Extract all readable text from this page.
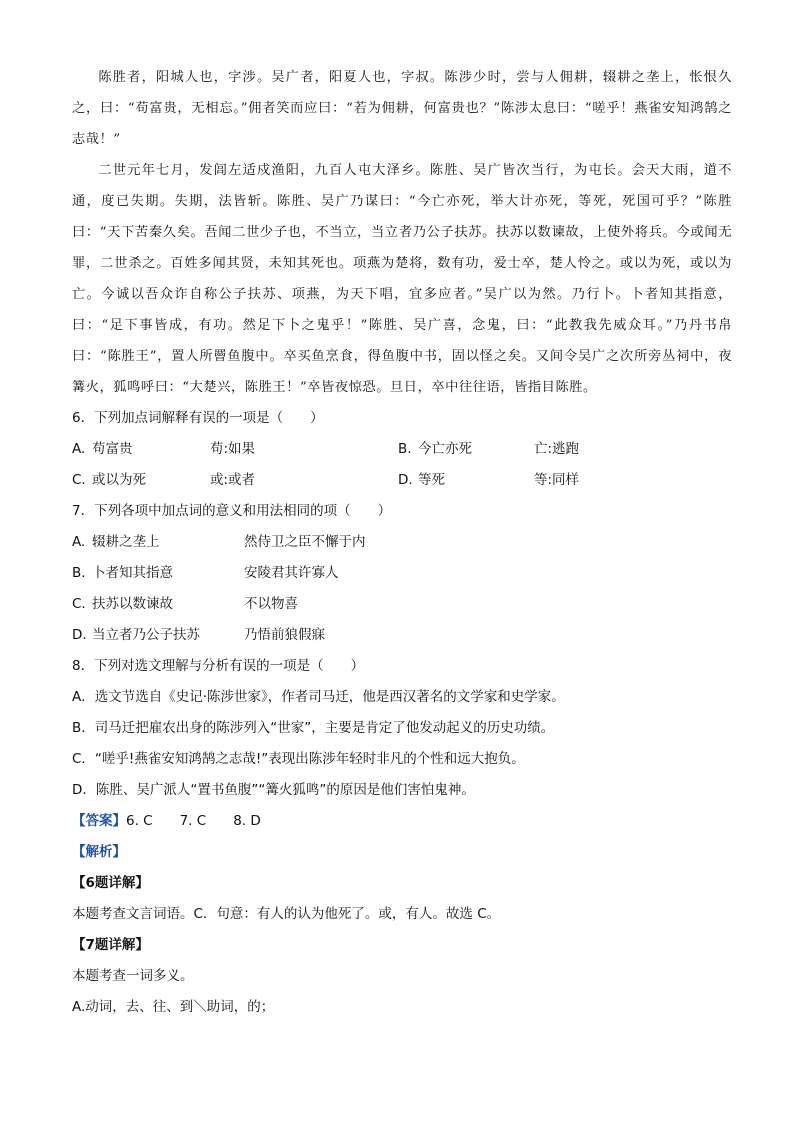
陈胜者，阳城人也，字涉。吴广者，阳夏人也，字叔。陈涉少时，尝与人佣耕，辍耕之垄上，怅恨久之，曰：“苟富贵，无相忘。”佣者笑而应曰：“若为佣耕，何富贵也？”陈涉太息曰：“嗟乎！燕雀安知鸿鹄之志哉！”

二世元年七月，发闾左适戍渔阳，九百人屯大泽乡。陈胜、吴广皆次当行，为屯长。会天大雨，道不通，度已失期。失期，法皆斩。陈胜、吴广乃谋曰：“今亡亦死，举大计亦死，等死，死国可乎？”陈胜曰：“天下苦秦久矣。吾闻二世少子也，不当立，当立者乃公子扶苏。扶苏以数谏故，上使外将兵。今或闻无罪，二世杀之。百姓多闻其贤，未知其死也。项燕为楚将，数有功，爱士卒，楚人怜之。或以为死，或以为亡。今诚以吾众诈自称公子扶苏、项燕，为天下唱，宜多应者。”吴广以为然。乃行卜。卜者知其指意，曰：“足下事皆成，有功。然足下卜之鬼乎！”陈胜、吴广喜，念鬼，曰：“此教我先威众耳。”乃丹书帛曰：“陈胜王”，置人所罾鱼腹中。卒买鱼烹食，得鱼腹中书，固以怪之矣。又间令吴广之次所旁丛祠中，夜篝火，狐鸣呼曰：“大楚兴，陈胜王！”卒皆夜惊恐。旦日，卒中往往语，皆指目陈胜。

6．下列加点词解释有误的一项是（　　）

A. 苟富贵	苟:如果	B. 今亡亦死	亡:逃跑
C. 或以为死	或:或者	D. 等死	等:同样

7．下列各项中加点词的意义和用法相同的项（　　）

A. 辍耕之垄上	然侍卫之臣不懈于内
B. 卜者知其指意	安陵君其许寡人
C. 扶苏以数谏故	不以物喜
D. 当立者乃公子扶苏	乃悟前狼假寐

8．下列对选文理解与分析有误的一项是（　　）

A．选文节选自《史记·陈涉世家》，作者司马迁，他是西汉著名的文学家和史学家。

B．司马迁把雇农出身的陈涉列入“世家”，主要是肯定了他发动起义的历史功绩。

C．“嗟乎!燕雀安知鸿鹄之志哉!”表现出陈涉年轻时非凡的个性和远大抱负。

D．陈胜、吴广派人“置书鱼腹”“篝火狐鸣”的原因是他们害怕鬼神。

【答案】6. C　　7. C　　8. D

【解析】

【6题详解】

本题考查文言词语。C．句意：有人的认为他死了。或，有人。故选 C。

【7题详解】

本题考查一词多义。

A.动词，去、往、到＼助词，的；
